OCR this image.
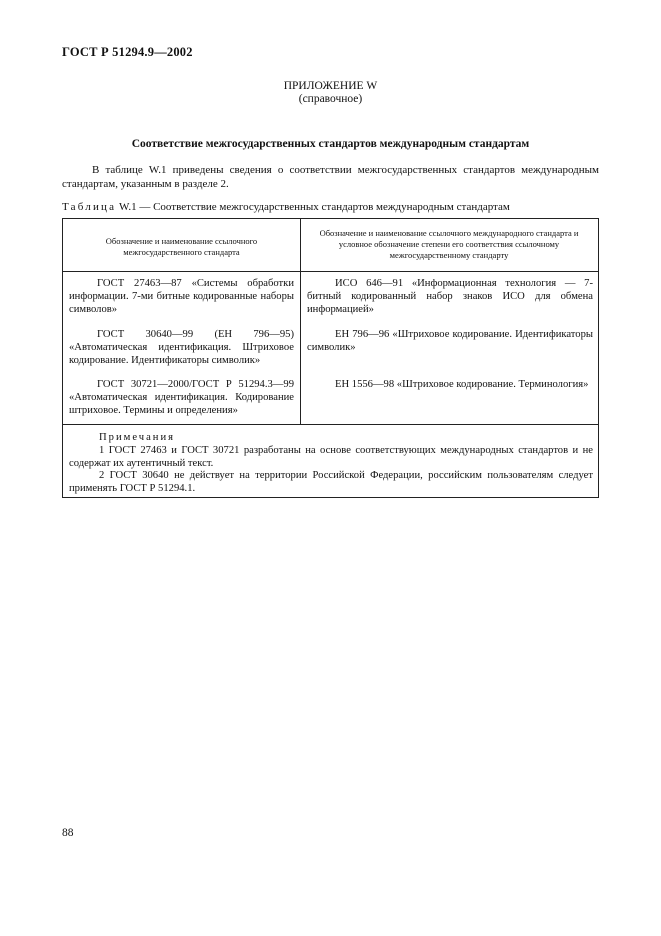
ГОСТ Р 51294.9—2002
ПРИЛОЖЕНИЕ W
(справочное)
Соответствие межгосударственных стандартов международным стандартам
В таблице W.1 приведены сведения о соответствии межгосударственных стандартов международным стандартам, указанным в разделе 2.
Таблица W.1 — Соответствие межгосударственных стандартов международным стандартам
Обозначение и наименование ссылочного межгосударственного стандарта
Обозначение и наименование ссылочного международного стандарта и условное обозначение степени его соответствия ссылочному межгосударственному стандарту
ГОСТ 27463—87 «Системы обработки информации. 7-ми битные кодированные наборы символов»
ИСО 646—91 «Информационная технология — 7-битный кодированный набор знаков ИСО для обмена информацией»
ГОСТ 30640—99 (ЕН 796—95) «Автоматическая идентификация. Штриховое кодирование. Идентификаторы символик»
ЕН 796—96 «Штриховое кодирование. Идентификаторы символик»
ГОСТ 30721—2000/ГОСТ Р 51294.3—99 «Автоматическая идентификация. Кодирование штриховое. Термины и определения»
ЕН 1556—98 «Штриховое кодирование. Терминология»
Примечания
1 ГОСТ 27463 и ГОСТ 30721 разработаны на основе соответствующих международных стандартов и не содержат их аутентичный текст.
2 ГОСТ 30640 не действует на территории Российской Федерации, российским пользователям следует применять ГОСТ Р 51294.1.
88
